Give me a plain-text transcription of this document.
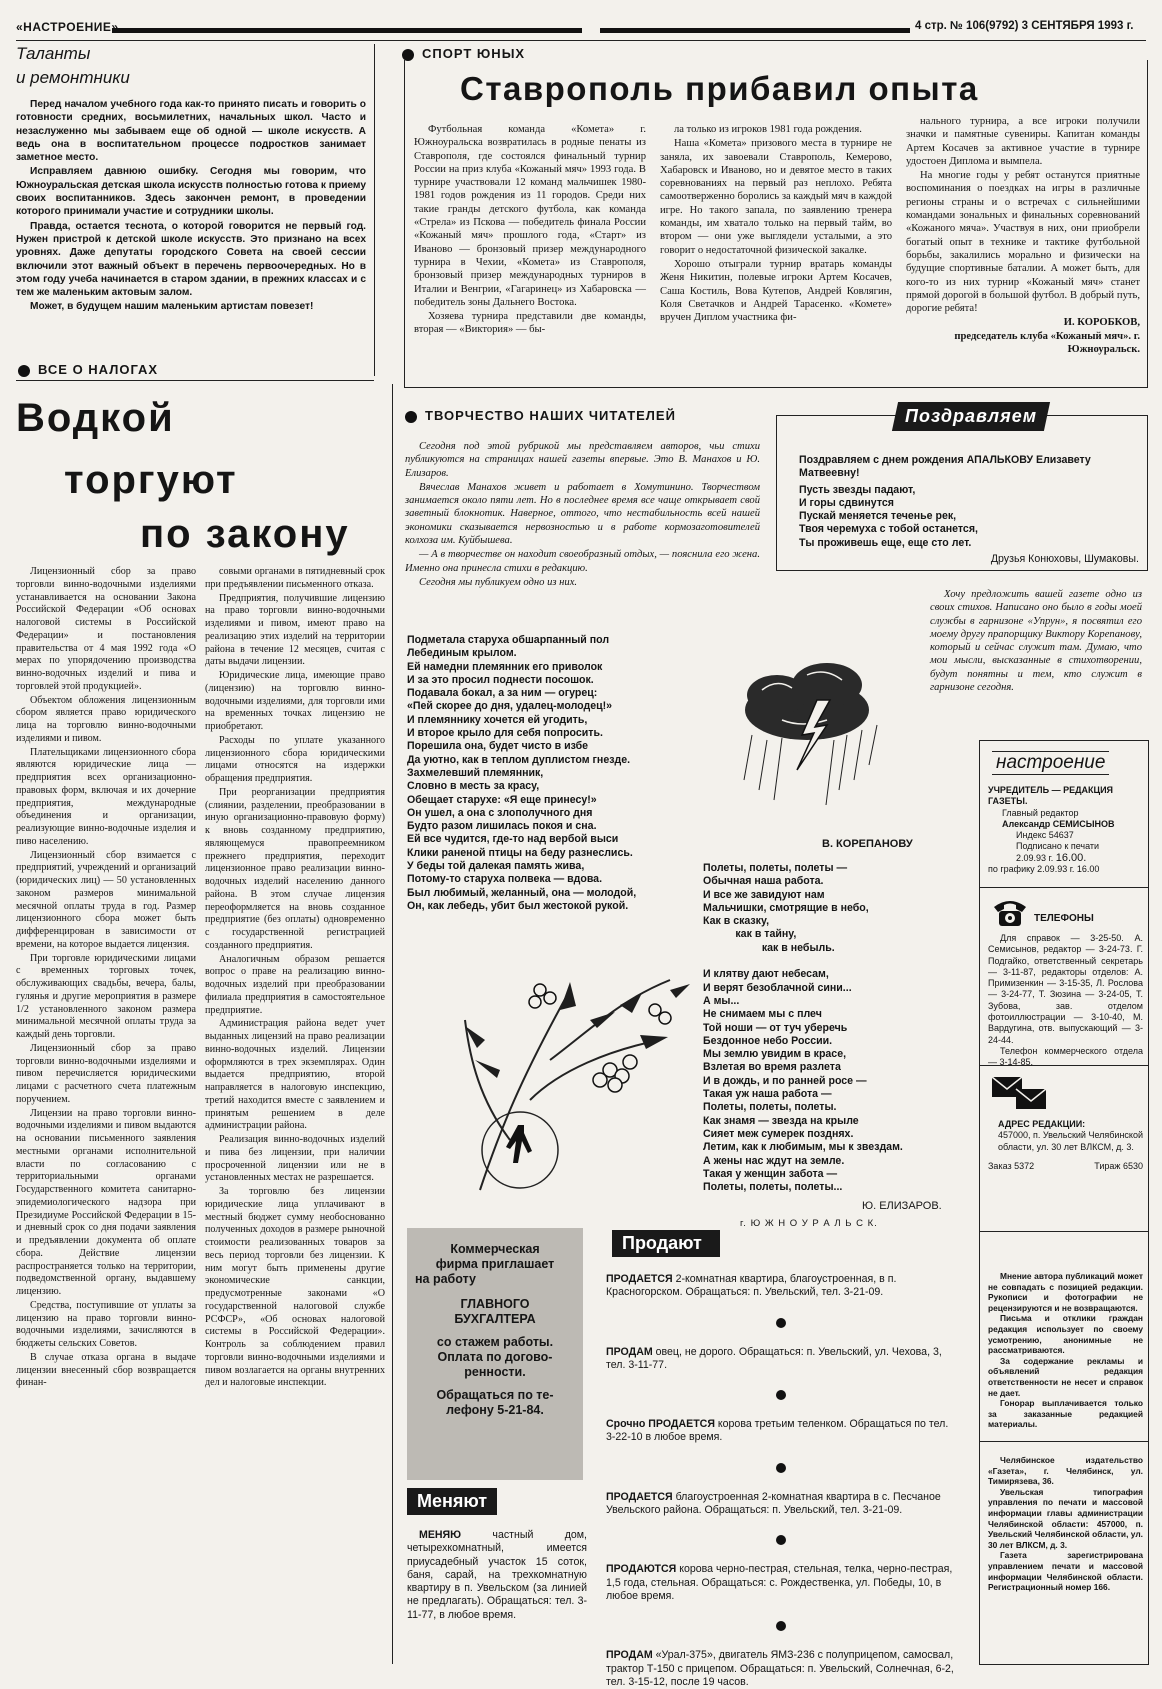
«НАСТРОЕНИЕ»	4 стр. № 106(9792) 3 СЕНТЯБРЯ 1993 г.
Таланты
и ремонтники

Перед началом учебного года как-то принято писать и говорить о готовности средних, восьмилетних, начальных школ. Часто и незаслуженно мы забываем еще об одной — школе искусств. А ведь она в воспитательном процессе подростков занимает заметное место.

Исправляем давнюю ошибку. Сегодня мы говорим, что Южноуральская детская школа искусств полностью готова к приему своих воспитанников. Здесь закончен ремонт, в проведении которого принимали участие и сотрудники школы.

Правда, остается теснота, о которой говорится не первый год. Нужен пристрой к детской школе искусств. Это признано на всех уровнях. Даже депутаты городского Совета на своей сессии включили этот важный объект в перечень первоочередных. Но в этом году учеба начинается в старом здании, в прежних классах и с тем же маленьким актовым залом.

Может, в будущем нашим маленьким артистам повезет!

СПОРТ ЮНЫХ
Ставрополь прибавил опыта

Футбольная команда «Комета» г. Южноуральска возвратилась в родные пенаты из Ставрополя, где состоялся финальный турнир России на приз клуба «Кожаный мяч» 1993 года. В турнире участвовали 12 команд мальчишек 1980-1981 годов рождения из 11 городов. Среди них такие гранды детского футбола, как команда «Стрела» из Пскова — победитель финала России «Кожаный мяч» прошлого года, «Старт» из Иваново — бронзовый призер международного турнира в Чехии, «Комета» из Ставрополя, бронзовый призер международных турниров в Италии и Венгрии, «Гагаринец» из Хабаровска — победитель зоны Дальнего Востока.

Хозяева турнира представили две команды, вторая — «Виктория» — бы-

ла только из игроков 1981 года рождения.

Наша «Комета» призового места в турнире не заняла, их завоевали Ставрополь, Кемерово, Хабаровск и Иваново, но и девятое место в таких соревнованиях на первый раз неплохо. Ребята самоотверженно боролись за каждый мяч в каждой игре. Но такого запала, по заявлению тренера команды, им хватало только на первый тайм, во втором — они уже выглядели усталыми, а это говорит о недостаточной физической закалке.

Хорошо отыграли турнир вратарь команды Женя Никитин, полевые игроки Артем Косачев, Саша Костиль, Вова Кутепов, Андрей Ковлягин, Коля Светачков и Андрей Тарасенко. «Комете» вручен Диплом участника фи-

нального турнира, а все игроки получили значки и памятные сувениры. Капитан команды Артем Косачев за активное участие в турнире удостоен Диплома и вымпела.

На многие годы у ребят останутся приятные воспоминания о поездках на игры в различные регионы страны и о встречах с сильнейшими командами зональных и финальных соревнований «Кожаного мяча». Участвуя в них, они приобрели богатый опыт в технике и тактике футбольной борьбы, закалились морально и физически на будущие спортивные баталии. А может быть, для кого-то из них турнир «Кожаный мяч» станет прямой дорогой в большой футбол. В добрый путь, дорогие ребята!

И. КОРОБКОВ,

председатель клуба «Кожаный мяч». г. Южноуральск.

ВСЕ О НАЛОГАХ
Водкой
торгуют
по закону

Лицензионный сбор за право торговли винно-водочными изделиями устанавливается на основании Закона Российской Федерации «Об основах налоговой системы в Российской Федерации» и постановления правительства от 4 мая 1992 года «О мерах по упорядочению производства винно-водочных изделий и пива и торговлей этой продукцией».

Объектом обложения лицензионным сбором является право юридического лица на торговлю винно-водочными изделиями и пивом.

Плательщиками лицензионного сбора являются юридические лица — предприятия всех организационно-правовых форм, включая и их дочерние предприятия, международные объединения и организации, реализующие винно-водочные изделия и пиво населению.

Лицензионный сбор взимается с предприятий, учреждений и организаций (юридических лиц) — 50 установленных законом размеров минимальной месячной оплаты труда в год. Размер лицензионного сбора может быть дифференцирован в зависимости от времени, на которое выдается лицензия.

При торговле юридическими лицами с временных торговых точек, обслуживающих свадьбы, вечера, балы, гулянья и другие мероприятия в размере 1/2 установленного законом размера минимальной месячной оплаты труда за каждый день торговли.

Лицензионный сбор за право торговли винно-водочными изделиями и пивом перечисляется юридическими лицами с расчетного счета платежным поручением.

Лицензии на право торговли винно-водочными изделиями и пивом выдаются на основании письменного заявления местными органами исполнительной власти по согласованию с территориальными органами Государственного комитета санитарно-эпидемиологического надзора при Президиуме Российской Федерации в 15-и дневный срок со дня подачи заявления и предъявлении документа об оплате сбора. Действие лицензии распространяется только на территории, подведомственной органу, выдавшему лицензию.

Средства, поступившие от уплаты за лицензию на право торговли винно-водочными изделиями, зачисляются в бюджеты сельских Советов.

В случае отказа органа в выдаче лицензии внесенный сбор возвращается финан-

совыми органами в пятидневный срок при предъявлении письменного отказа.

Предприятия, получившие лицензию на право торговли винно-водочными изделиями и пивом, имеют право на реализацию этих изделий на территории района в течение 12 месяцев, считая с даты выдачи лицензии.

Юридические лица, имеющие право (лицензию) на торговлю винно-водочными изделиями, для торговли ими на временных точках лицензию не приобретают.

Расходы по уплате указанного лицензионного сбора юридическими лицами относятся на издержки обращения предприятия.

При реорганизации предприятия (слиянии, разделении, преобразовании в иную организационно-правовую форму) к вновь созданному предприятию, являющемуся правопреемником прежнего предприятия, переходит лицензионное право реализации винно-водочных изделий населению данного района. В этом случае лицензия переоформляется на вновь созданное предприятие (без оплаты) одновременно с государственной регистрацией созданного предприятия.

Аналогичным образом решается вопрос о праве на реализацию винно-водочных изделий при преобразовании филиала предприятия в самостоятельное предприятие.

Администрация района ведет учет выданных лицензий на право реализации винно-водочных изделий. Лицензии оформляются в трех экземплярах. Один выдается предприятию, второй направляется в налоговую инспекцию, третий находится вместе с заявлением и принятым решением в деле администрации района.

Реализация винно-водочных изделий и пива без лицензии, при наличии просроченной лицензии или не в установленных местах не разрешается.

За торговлю без лицензии юридические лица уплачивают в местный бюджет сумму необоснованно полученных доходов в размере рыночной стоимости реализованных товаров за весь период торговли без лицензии. К ним могут быть применены другие экономические санкции, предусмотренные законами «О государственной налоговой службе РСФСР», «Об основах налоговой системы в Российской Федерации». Контроль за соблюдением правил торговли винно-водочными изделиями и пивом возлагается на органы внутренних дел и налоговые инспекции.

ТВОРЧЕСТВО НАШИХ ЧИТАТЕЛЕЙ

Сегодня под этой рубрикой мы представляем авторов, чьи стихи публикуются на страницах нашей газеты впервые. Это В. Манахов и Ю. Елизаров.

Вячеслав Манахов живет и работает в Хомутинино. Творчеством занимается около пяти лет. Но в последнее время все чаще открывает свой заветный блокнотик. Наверное, оттого, что нестабильность всей нашей экономики сказывается нервозностью и в работе кормозаготовителей колхоза им. Куйбышева.

— А в творчестве он находит своеобразный отдых, — пояснила его жена. Именно она принесла стихи в редакцию.

Сегодня мы публикуем одно из них.

Поздравляем

Поздравляем с днем рождения АПАЛЬКОВУ Елизавету Матвеевну!

Пусть звезды падают,

И горы сдвинутся

Пускай меняется теченье рек,

Твоя черемуха с тобой останется,

Ты проживешь еще, еще сто лет.

Друзья Конюховы, Шумаковы.

Хочу предложить вашей газете одно из своих стихов. Написано оно было в годы моей службы в гарнизоне «Упрун», я посвятил его моему другу прапорщику Виктору Корепанову, который и сейчас служит там. Думаю, что мои мысли, высказанные в стихотворении, будут понятны и тем, кто служит в гарнизоне сегодня.

Подметала старуха обшарпанный пол
Лебединым крылом.
Ей намедни племянник его приволок
И за это просил поднести посошок.
Подавала бокал, а за ним — огурец:
«Пей скорее до дня, удалец-молодец!»
И племяннику хочется ей угодить,
И второе крыло для себя попросить.
Порешила она, будет чисто в избе
Да уютно, как в теплом дуплистом гнезде.
Захмелевший племянник,
Словно в месть за красу,
Обещает старухе: «Я еще принесу!»
Он ушел, а она с злополучного дня
Будто разом лишилась покоя и сна.
Ей все чудится, где-то над вербой выси
Клики раненой птицы на беду разнеслись.
У беды той далекая память жива,
Потому-то старуха полвека — вдова.
Был любимый, желанный, она — молодой,
Он, как лебедь, убит был жестокой рукой.
В. КОРЕПАНОВУ
Полеты, полеты, полеты —
Обычная наша работа.
И все же завидуют нам
Мальчишки, смотрящие в небо,
Как в сказку,
как в тайну,
как в небыль.

И клятву дают небесам,
И верят безоблачной сини...
А мы...
Не снимаем мы с плеч
Той ноши — от туч уберечь
Бездонное небо России.
Мы землю увидим в красе,
Взлетая во время разлета
И в дождь, и по ранней росе —
Такая уж наша работа —
Полеты, полеты, полеты.
Как знамя — звезда на крыле
Сияет меж сумерек позднях.
Летим, как к любимым, мы к звездам.
А жены нас ждут на земле.
Такая у женщин забота —
Полеты, полеты, полеты...
Ю. ЕЛИЗАРОВ.
г. Ю Ж Н О У Р А Л Ь С К.
Коммерческая
фирма приглашает
на работу
ГЛАВНОГО
БУХГАЛТЕРА
со стажем работы.
Оплата по догово-
ренности.
Обращаться по те-
лефону 5-21-84.
Меняют

МЕНЯЮ	частный дом, четырехкомнатный, имеется приусадебный участок 15 соток, баня, сарай, на трехкомнатную квартиру в п. Увельском (за линией не предлагать). Обращаться: тел. 3-11-77, в любое время.

Продают

ПРОДАЕТСЯ 2-комнатная квартира, благоустроенная, в п. Красногорском. Обращаться: п. Увельский, тел. 3-21-09.

ПРОДАМ овец, не дорого. Обращаться: п. Увельский, ул. Чехова, 3, тел. 3-11-77.

Срочно ПРОДАЕТСЯ корова третьим теленком. Обращаться по тел. 3-22-10 в любое время.

ПРОДАЕТСЯ благоустроенная 2-комнатная квартира в с. Песчаное Увельского района. Обращаться: п. Увельский, тел. 3-21-09.

ПРОДАЮТСЯ корова черно-пестрая, стельная, телка, черно-пестрая, 1,5 года, стельная. Обращаться: с. Рождественка, ул. Победы, 10, в любое время.

ПРОДАМ «Урал-375», двигатель ЯМЗ-236 с полуприцепом, самосвал, трактор Т-150 с прицепом. Обращаться: п. Увельский, Солнечная, 6-2, тел. 3-15-12, после 19 часов.

настроение

УЧРЕДИТЕЛЬ — РЕДАКЦИЯ ГАЗЕТЫ.

Главный редактор

Александр СЕМИСЫНОВ

Индекс 54637

Подписано к печати

2.09.93 г. 16.00.
по графику 2.09.93 г. 16.00
ТЕЛЕФОНЫ

Для справок — 3-25-50. А. Семисынов, редактор — 3-24-73. Г. Подгайко, ответственный секретарь — 3-11-87, редакторы отделов: А. Примизенкин — 3-15-35, Л. Рослова — 3-24-77, Т. Зюзина — 3-24-05, Т. Зубова, зав. отделом фотоиллюстрации — 3-10-40, М. Вардугина, отв. выпускающий — 3-24-44.

Телефон коммерческого отдела — 3-14-85.

АДРЕС РЕДАКЦИИ:

457000, п. Увельский Челябинской области, ул. 30 лет ВЛКСМ, д. 3.

Заказ 5372	Тираж 6530

Мнение автора публикаций может не совпадать с позицией редакции. Рукописи и фотографии не рецензируются и не возвращаются.

Письма и отклики граждан редакция использует по своему усмотрению, анонимные не рассматриваются.

За содержание рекламы и объявлений редакция ответственности не несет и справок не дает.

Гонорар выплачивается только за заказанные редакцией материалы.

Челябинское издательство «Газета», г. Челябинск, ул. Тимирязева, 36.

Увельская типография управления по печати и массовой информации главы администрации Челябинской области: 457000, п. Увельский Челябинской области, ул. 30 лет ВЛКСМ, д. 3.

Газета зарегистрирована управлением печати и массовой информации Челябинской области. Регистрационный номер 166.
